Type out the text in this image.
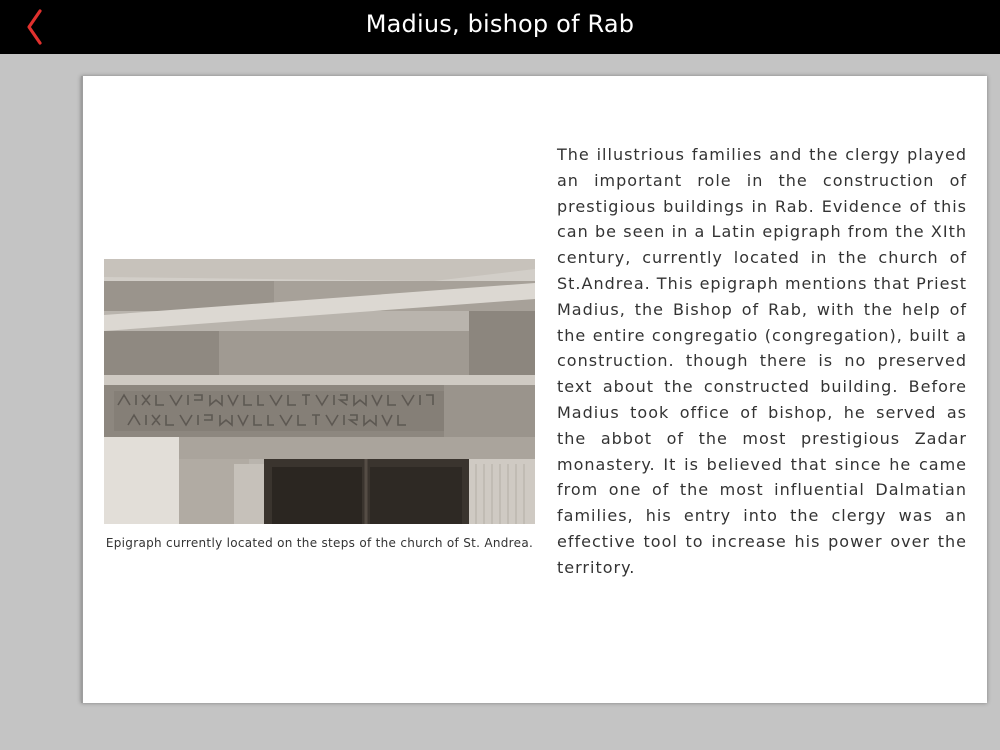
Madius, bishop of Rab
Epigraph currently located on the steps of the church of St. Andrea.

The illustrious families and the clergy played an important role in the construction of prestigious buildings in Rab. Evidence of this can be seen in a Latin epigraph from the XIth century, currently located in the church of St.Andrea. This epigraph mentions that Priest Madius, the Bishop of Rab, with the help of the entire congregatio (congregation), built a construction. though there is no preserved text about the constructed building. Before Madius took office of bishop, he served as the abbot of the most prestigious Zadar monastery. It is believed that since he came from one of the most influential Dalmatian families, his entry into the clergy was an effective tool to increase his power over the territory.
